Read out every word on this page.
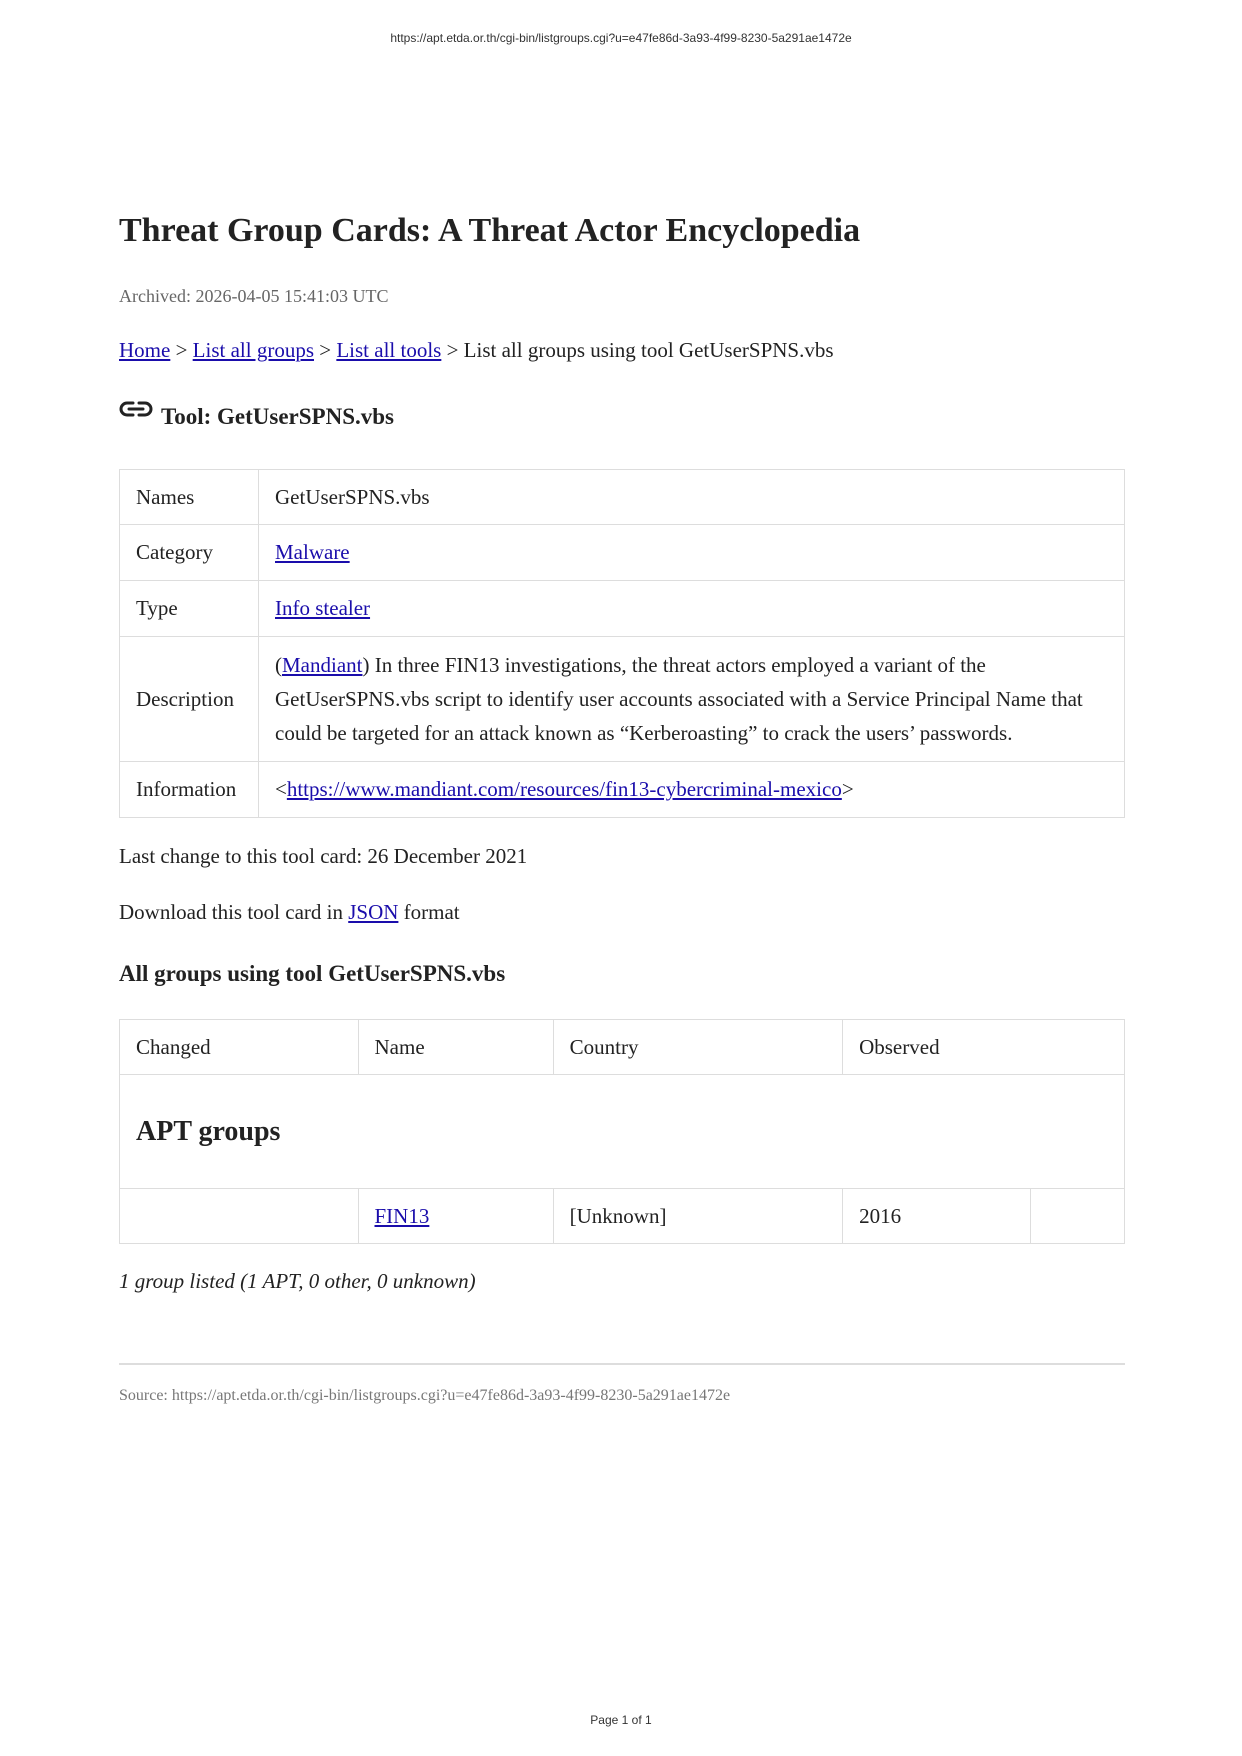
https://apt.etda.or.th/cgi-bin/listgroups.cgi?u=e47fe86d-3a93-4f99-8230-5a291ae1472e
Threat Group Cards: A Threat Actor Encyclopedia
Archived: 2026-04-05 15:41:03 UTC
Home > List all groups > List all tools > List all groups using tool GetUserSPNS.vbs
Tool: GetUserSPNS.vbs
Names	GetUserSPNS.vbs
Category	Malware
Type	Info stealer
Description	(Mandiant) In three FIN13 investigations, the threat actors employed a variant of the GetUserSPNS.vbs script to identify user accounts associated with a Service Principal Name that could be targeted for an attack known as “Kerberoasting” to crack the users’ passwords.
Information	<https://www.mandiant.com/resources/fin13-cybercriminal-mexico>
Last change to this tool card: 26 December 2021
Download this tool card in JSON format
All groups using tool GetUserSPNS.vbs
Changed	Name	Country	Observed	
APT groups				
	FIN13	[Unknown]	2016	
1 group listed (1 APT, 0 other, 0 unknown)
Source: https://apt.etda.or.th/cgi-bin/listgroups.cgi?u=e47fe86d-3a93-4f99-8230-5a291ae1472e
Page 1 of 1
